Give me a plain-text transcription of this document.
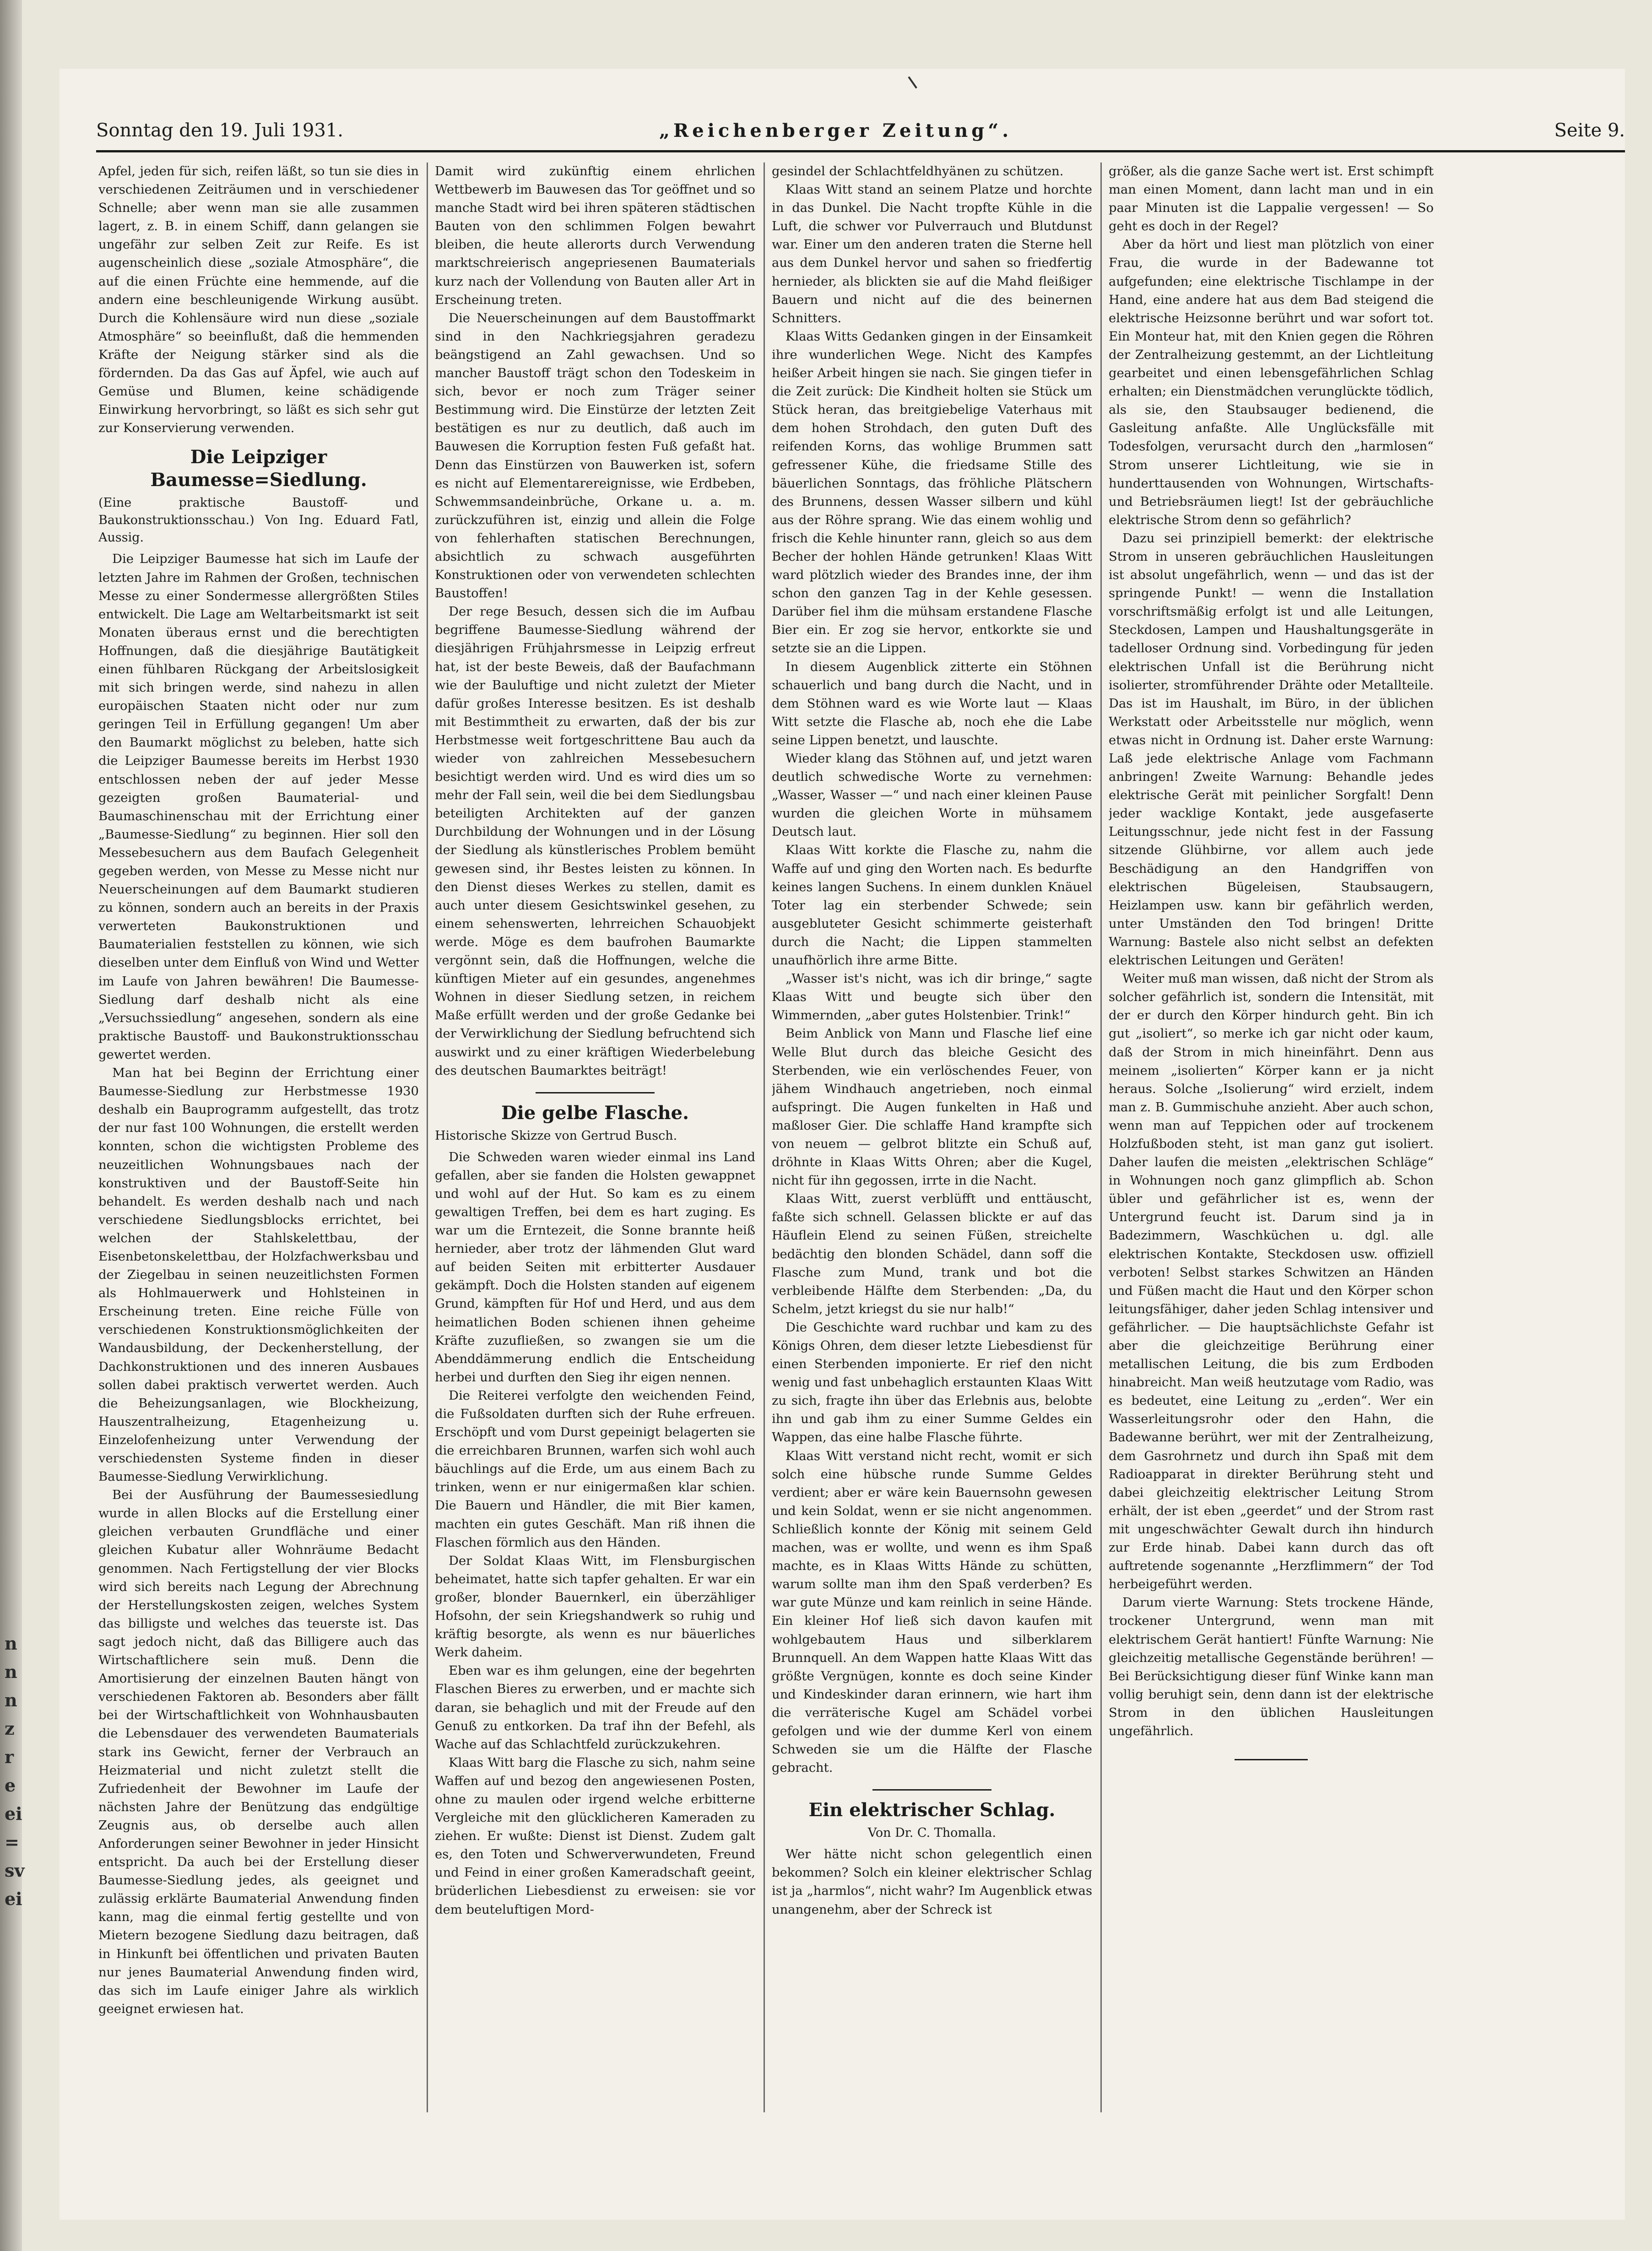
n
n
n
z
r
e
ei
=
sv
ei
Sonntag den 19. Juli 1931.	„Reichenberger Zeitung“.	Seite 9.

Apfel, jeden für sich, reifen läßt, so tun sie dies in verschiedenen Zeiträumen und in verschiedener Schnelle; aber wenn man sie alle zusammen lagert, z. B. in einem Schiff, dann gelangen sie ungefähr zur selben Zeit zur Reife. Es ist augenscheinlich diese „soziale Atmosphäre“, die auf die einen Früchte eine hemmende, auf die andern eine beschleunigende Wirkung ausübt. Durch die Kohlensäure wird nun diese „soziale Atmosphäre“ so beeinflußt, daß die hemmenden Kräfte der Neigung stärker sind als die fördernden. Da das Gas auf Äpfel, wie auch auf Gemüse und Blumen, keine schädigende Einwirkung hervorbringt, so läßt es sich sehr gut zur Konservierung verwenden.

Die Leipziger Baumesse=Siedlung.

(Eine praktische Baustoff- und Baukonstruktionsschau.) Von Ing. Eduard Fatl, Aussig.

Die Leipziger Baumesse hat sich im Laufe der letzten Jahre im Rahmen der Großen, technischen Messe zu einer Sondermesse allergrößten Stiles entwickelt. Die Lage am Weltarbeitsmarkt ist seit Monaten überaus ernst und die berechtigten Hoffnungen, daß die diesjährige Bautätigkeit einen fühlbaren Rückgang der Arbeitslosigkeit mit sich bringen werde, sind nahezu in allen europäischen Staaten nicht oder nur zum geringen Teil in Erfüllung gegangen! Um aber den Baumarkt möglichst zu beleben, hatte sich die Leipziger Baumesse bereits im Herbst 1930 entschlossen neben der auf jeder Messe gezeigten großen Baumaterial- und Baumaschinenschau mit der Errichtung einer „Baumesse-Siedlung“ zu beginnen. Hier soll den Messebesuchern aus dem Baufach Gelegenheit gegeben werden, von Messe zu Messe nicht nur Neuerscheinungen auf dem Baumarkt studieren zu können, sondern auch an bereits in der Praxis verwerteten Baukonstruktionen und Baumaterialien feststellen zu können, wie sich dieselben unter dem Einfluß von Wind und Wetter im Laufe von Jahren bewähren! Die Baumesse-Siedlung darf deshalb nicht als eine „Versuchssiedlung“ angesehen, sondern als eine praktische Baustoff- und Baukonstruktionsschau gewertet werden.

Man hat bei Beginn der Errichtung einer Baumesse-Siedlung zur Herbstmesse 1930 deshalb ein Bauprogramm aufgestellt, das trotz der nur fast 100 Wohnungen, die erstellt werden konnten, schon die wichtigsten Probleme des neuzeitlichen Wohnungsbaues nach der konstruktiven und der Baustoff-Seite hin behandelt. Es werden deshalb nach und nach verschiedene Siedlungsblocks errichtet, bei welchen der Stahlskelettbau, der Eisenbetonskelettbau, der Holzfachwerksbau und der Ziegelbau in seinen neuzeitlichsten Formen als Hohlmauerwerk und Hohlsteinen in Erscheinung treten. Eine reiche Fülle von verschiedenen Konstruktionsmöglichkeiten der Wandausbildung, der Deckenherstellung, der Dachkonstruktionen und des inneren Ausbaues sollen dabei praktisch verwertet werden. Auch die Beheizungsanlagen, wie Blockheizung, Hauszentralheizung, Etagenheizung u. Einzelofenheizung unter Verwendung der verschiedensten Systeme finden in dieser Baumesse-Siedlung Verwirklichung.

Bei der Ausführung der Baumessesiedlung wurde in allen Blocks auf die Erstellung einer gleichen verbauten Grundfläche und einer gleichen Kubatur aller Wohnräume Bedacht genommen. Nach Fertigstellung der vier Blocks wird sich bereits nach Legung der Abrechnung der Herstellungskosten zeigen, welches System das billigste und welches das teuerste ist. Das sagt jedoch nicht, daß das Billigere auch das Wirtschaftlichere sein muß. Denn die Amortisierung der einzelnen Bauten hängt von verschiedenen Faktoren ab. Besonders aber fällt bei der Wirtschaftlichkeit von Wohnhausbauten die Lebensdauer des verwendeten Baumaterials stark ins Gewicht, ferner der Verbrauch an Heizmaterial und nicht zuletzt stellt die Zufriedenheit der Bewohner im Laufe der nächsten Jahre der Benützung das endgültige Zeugnis aus, ob derselbe auch allen Anforderungen seiner Bewohner in jeder Hinsicht entspricht. Da auch bei der Erstellung dieser Baumesse-Siedlung jedes, als geeignet und zulässig erklärte Baumaterial Anwendung finden kann, mag die einmal fertig gestellte und von Mietern bezogene Siedlung dazu beitragen, daß in Hinkunft bei öffentlichen und privaten Bauten nur jenes Baumaterial Anwendung finden wird, das sich im Laufe einiger Jahre als wirklich geeignet erwiesen hat.

Damit wird zukünftig einem ehrlichen Wettbewerb im Bauwesen das Tor geöffnet und so manche Stadt wird bei ihren späteren städtischen Bauten von den schlimmen Folgen bewahrt bleiben, die heute allerorts durch Verwendung marktschreierisch angepriesenen Baumaterials kurz nach der Vollendung von Bauten aller Art in Erscheinung treten.

Die Neuerscheinungen auf dem Baustoffmarkt sind in den Nachkriegsjahren geradezu beängstigend an Zahl gewachsen. Und so mancher Baustoff trägt schon den Todeskeim in sich, bevor er noch zum Träger seiner Bestimmung wird. Die Einstürze der letzten Zeit bestätigen es nur zu deutlich, daß auch im Bauwesen die Korruption festen Fuß gefaßt hat. Denn das Einstürzen von Bauwerken ist, sofern es nicht auf Elementarereignisse, wie Erdbeben, Schwemmsandeinbrüche, Orkane u. a. m. zurückzuführen ist, einzig und allein die Folge von fehlerhaften statischen Berechnungen, absichtlich zu schwach ausgeführten Konstruktionen oder von verwendeten schlechten Baustoffen!

Der rege Besuch, dessen sich die im Aufbau begriffene Baumesse-Siedlung während der diesjährigen Frühjahrsmesse in Leipzig erfreut hat, ist der beste Beweis, daß der Baufachmann wie der Bauluftige und nicht zuletzt der Mieter dafür großes Interesse besitzen. Es ist deshalb mit Bestimmtheit zu erwarten, daß der bis zur Herbstmesse weit fortgeschrittene Bau auch da wieder von zahlreichen Messebesuchern besichtigt werden wird. Und es wird dies um so mehr der Fall sein, weil die bei dem Siedlungsbau beteiligten Architekten auf der ganzen Durchbildung der Wohnungen und in der Lösung der Siedlung als künstlerisches Problem bemüht gewesen sind, ihr Bestes leisten zu können. In den Dienst dieses Werkes zu stellen, damit es auch unter diesem Gesichtswinkel gesehen, zu einem sehenswerten, lehrreichen Schauobjekt werde. Möge es dem baufrohen Baumarkte vergönnt sein, daß die Hoffnungen, welche die künftigen Mieter auf ein gesundes, angenehmes Wohnen in dieser Siedlung setzen, in reichem Maße erfüllt werden und der große Gedanke bei der Verwirklichung der Siedlung befruchtend sich auswirkt und zu einer kräftigen Wiederbelebung des deutschen Baumarktes beiträgt!

Die gelbe Flasche.

Historische Skizze von Gertrud Busch.

Die Schweden waren wieder einmal ins Land gefallen, aber sie fanden die Holsten gewappnet und wohl auf der Hut. So kam es zu einem gewaltigen Treffen, bei dem es hart zuging. Es war um die Erntezeit, die Sonne brannte heiß hernieder, aber trotz der lähmenden Glut ward auf beiden Seiten mit erbitterter Ausdauer gekämpft. Doch die Holsten standen auf eigenem Grund, kämpften für Hof und Herd, und aus dem heimatlichen Boden schienen ihnen geheime Kräfte zuzufließen, so zwangen sie um die Abenddämmerung endlich die Entscheidung herbei und durften den Sieg ihr eigen nennen.

Die Reiterei verfolgte den weichenden Feind, die Fußsoldaten durften sich der Ruhe erfreuen. Erschöpft und vom Durst gepeinigt belagerten sie die erreichbaren Brunnen, warfen sich wohl auch bäuchlings auf die Erde, um aus einem Bach zu trinken, wenn er nur einigermaßen klar schien. Die Bauern und Händler, die mit Bier kamen, machten ein gutes Geschäft. Man riß ihnen die Flaschen förmlich aus den Händen.

Der Soldat Klaas Witt, im Flensburgischen beheimatet, hatte sich tapfer gehalten. Er war ein großer, blonder Bauernkerl, ein überzähliger Hofsohn, der sein Kriegshandwerk so ruhig und kräftig besorgte, als wenn es nur bäuerliches Werk daheim.

Eben war es ihm gelungen, eine der begehrten Flaschen Bieres zu erwerben, und er machte sich daran, sie behaglich und mit der Freude auf den Genuß zu entkorken. Da traf ihn der Befehl, als Wache auf das Schlachtfeld zurückzukehren.

Klaas Witt barg die Flasche zu sich, nahm seine Waffen auf und bezog den angewiesenen Posten, ohne zu maulen oder irgend welche erbitterne Vergleiche mit den glücklicheren Kameraden zu ziehen. Er wußte: Dienst ist Dienst. Zudem galt es, den Toten und Schwerverwundeten, Freund und Feind in einer großen Kameradschaft geeint, brüderlichen Liebesdienst zu erweisen: sie vor dem beuteluftigen Mord-

gesindel der Schlachtfeldhyänen zu schützen.

Klaas Witt stand an seinem Platze und horchte in das Dunkel. Die Nacht tropfte Kühle in die Luft, die schwer vor Pulverrauch und Blutdunst war. Einer um den anderen traten die Sterne hell aus dem Dunkel hervor und sahen so friedfertig hernieder, als blickten sie auf die Mahd fleißiger Bauern und nicht auf die des beinernen Schnitters.

Klaas Witts Gedanken gingen in der Einsamkeit ihre wunderlichen Wege. Nicht des Kampfes heißer Arbeit hingen sie nach. Sie gingen tiefer in die Zeit zurück: Die Kindheit holten sie Stück um Stück heran, das breitgiebelige Vaterhaus mit dem hohen Strohdach, den guten Duft des reifenden Korns, das wohlige Brummen satt gefressener Kühe, die friedsame Stille des bäuerlichen Sonntags, das fröhliche Plätschern des Brunnens, dessen Wasser silbern und kühl aus der Röhre sprang. Wie das einem wohlig und frisch die Kehle hinunter rann, gleich so aus dem Becher der hohlen Hände getrunken! Klaas Witt ward plötzlich wieder des Brandes inne, der ihm schon den ganzen Tag in der Kehle gesessen. Darüber fiel ihm die mühsam erstandene Flasche Bier ein. Er zog sie hervor, entkorkte sie und setzte sie an die Lippen.

In diesem Augenblick zitterte ein Stöhnen schauerlich und bang durch die Nacht, und in dem Stöhnen ward es wie Worte laut — Klaas Witt setzte die Flasche ab, noch ehe die Labe seine Lippen benetzt, und lauschte.

Wieder klang das Stöhnen auf, und jetzt waren deutlich schwedische Worte zu vernehmen: „Wasser, Wasser —“ und nach einer kleinen Pause wurden die gleichen Worte in mühsamem Deutsch laut.

Klaas Witt korkte die Flasche zu, nahm die Waffe auf und ging den Worten nach. Es bedurfte keines langen Suchens. In einem dunklen Knäuel Toter lag ein sterbender Schwede; sein ausgebluteter Gesicht schimmerte geisterhaft durch die Nacht; die Lippen stammelten unaufhörlich ihre arme Bitte.

„Wasser ist's nicht, was ich dir bringe,“ sagte Klaas Witt und beugte sich über den Wimmernden, „aber gutes Holstenbier. Trink!“

Beim Anblick von Mann und Flasche lief eine Welle Blut durch das bleiche Gesicht des Sterbenden, wie ein verlöschendes Feuer, von jähem Windhauch angetrieben, noch einmal aufspringt. Die Augen funkelten in Haß und maßloser Gier. Die schlaffe Hand krampfte sich von neuem — gelbrot blitzte ein Schuß auf, dröhnte in Klaas Witts Ohren; aber die Kugel, nicht für ihn gegossen, irrte in die Nacht.

Klaas Witt, zuerst verblüfft und enttäuscht, faßte sich schnell. Gelassen blickte er auf das Häuflein Elend zu seinen Füßen, streichelte bedächtig den blonden Schädel, dann soff die Flasche zum Mund, trank und bot die verbleibende Hälfte dem Sterbenden: „Da, du Schelm, jetzt kriegst du sie nur halb!“

Die Geschichte ward ruchbar und kam zu des Königs Ohren, dem dieser letzte Liebesdienst für einen Sterbenden imponierte. Er rief den nicht wenig und fast unbehaglich erstaunten Klaas Witt zu sich, fragte ihn über das Erlebnis aus, belobte ihn und gab ihm zu einer Summe Geldes ein Wappen, das eine halbe Flasche führte.

Klaas Witt verstand nicht recht, womit er sich solch eine hübsche runde Summe Geldes verdient; aber er wäre kein Bauernsohn gewesen und kein Soldat, wenn er sie nicht angenommen. Schließlich konnte der König mit seinem Geld machen, was er wollte, und wenn es ihm Spaß machte, es in Klaas Witts Hände zu schütten, warum sollte man ihm den Spaß verderben? Es war gute Münze und kam reinlich in seine Hände. Ein kleiner Hof ließ sich davon kaufen mit wohlgebautem Haus und silberklarem Brunnquell. An dem Wappen hatte Klaas Witt das größte Vergnügen, konnte es doch seine Kinder und Kindeskinder daran erinnern, wie hart ihm die verräterische Kugel am Schädel vorbei gefolgen und wie der dumme Kerl von einem Schweden sie um die Hälfte der Flasche gebracht.

Ein elektrischer Schlag.

Von Dr. C. Thomalla.

Wer hätte nicht schon gelegentlich einen bekommen? Solch ein kleiner elektrischer Schlag ist ja „harmlos“, nicht wahr? Im Augenblick etwas unangenehm, aber der Schreck ist

größer, als die ganze Sache wert ist. Erst schimpft man einen Moment, dann lacht man und in ein paar Minuten ist die Lappalie vergessen! — So geht es doch in der Regel?

Aber da hört und liest man plötzlich von einer Frau, die wurde in der Badewanne tot aufgefunden; eine elektrische Tischlampe in der Hand, eine andere hat aus dem Bad steigend die elektrische Heizsonne berührt und war sofort tot. Ein Monteur hat, mit den Knien gegen die Röhren der Zentralheizung gestemmt, an der Lichtleitung gearbeitet und einen lebensgefährlichen Schlag erhalten; ein Dienstmädchen verunglückte tödlich, als sie, den Staubsauger bedienend, die Gasleitung anfaßte. Alle Unglücksfälle mit Todesfolgen, verursacht durch den „harmlosen“ Strom unserer Lichtleitung, wie sie in hunderttausenden von Wohnungen, Wirtschafts- und Betriebsräumen liegt! Ist der gebräuchliche elektrische Strom denn so gefährlich?

Dazu sei prinzipiell bemerkt: der elektrische Strom in unseren gebräuchlichen Hausleitungen ist absolut ungefährlich, wenn — und das ist der springende Punkt! — wenn die Installation vorschriftsmäßig erfolgt ist und alle Leitungen, Steckdosen, Lampen und Haushaltungsgeräte in tadelloser Ordnung sind. Vorbedingung für jeden elektrischen Unfall ist die Berührung nicht isolierter, stromführender Drähte oder Metallteile. Das ist im Haushalt, im Büro, in der üblichen Werkstatt oder Arbeitsstelle nur möglich, wenn etwas nicht in Ordnung ist. Daher erste Warnung: Laß jede elektrische Anlage vom Fachmann anbringen! Zweite Warnung: Behandle jedes elektrische Gerät mit peinlicher Sorgfalt! Denn jeder wacklige Kontakt, jede ausgefaserte Leitungsschnur, jede nicht fest in der Fassung sitzende Glühbirne, vor allem auch jede Beschädigung an den Handgriffen von elektrischen Bügeleisen, Staubsaugern, Heizlampen usw. kann bir gefährlich werden, unter Umständen den Tod bringen! Dritte Warnung: Bastele also nicht selbst an defekten elektrischen Leitungen und Geräten!

Weiter muß man wissen, daß nicht der Strom als solcher gefährlich ist, sondern die Intensität, mit der er durch den Körper hindurch geht. Bin ich gut „isoliert“, so merke ich gar nicht oder kaum, daß der Strom in mich hineinfährt. Denn aus meinem „isolierten“ Körper kann er ja nicht heraus. Solche „Isolierung“ wird erzielt, indem man z. B. Gummischuhe anzieht. Aber auch schon, wenn man auf Teppichen oder auf trockenem Holzfußboden steht, ist man ganz gut isoliert. Daher laufen die meisten „elektrischen Schläge“ in Wohnungen noch ganz glimpflich ab. Schon übler und gefährlicher ist es, wenn der Untergrund feucht ist. Darum sind ja in Badezimmern, Waschküchen u. dgl. alle elektrischen Kontakte, Steckdosen usw. offiziell verboten! Selbst starkes Schwitzen an Händen und Füßen macht die Haut und den Körper schon leitungsfähiger, daher jeden Schlag intensiver und gefährlicher. — Die hauptsächlichste Gefahr ist aber die gleichzeitige Berührung einer metallischen Leitung, die bis zum Erdboden hinabreicht. Man weiß heutzutage vom Radio, was es bedeutet, eine Leitung zu „erden“. Wer ein Wasserleitungsrohr oder den Hahn, die Badewanne berührt, wer mit der Zentralheizung, dem Gasrohrnetz und durch ihn Spaß mit dem Radioapparat in direkter Berührung steht und dabei gleichzeitig elektrischer Leitung Strom erhält, der ist eben „geerdet“ und der Strom rast mit ungeschwächter Gewalt durch ihn hindurch zur Erde hinab. Dabei kann durch das oft auftretende sogenannte „Herzflimmern“ der Tod herbeigeführt werden.

Darum vierte Warnung: Stets trockene Hände, trockener Untergrund, wenn man mit elektrischem Gerät hantiert! Fünfte Warnung: Nie gleichzeitig metallische Gegenstände berühren! — Bei Berücksichtigung dieser fünf Winke kann man vollig beruhigt sein, denn dann ist der elektrische Strom in den üblichen Hausleitungen ungefährlich.
